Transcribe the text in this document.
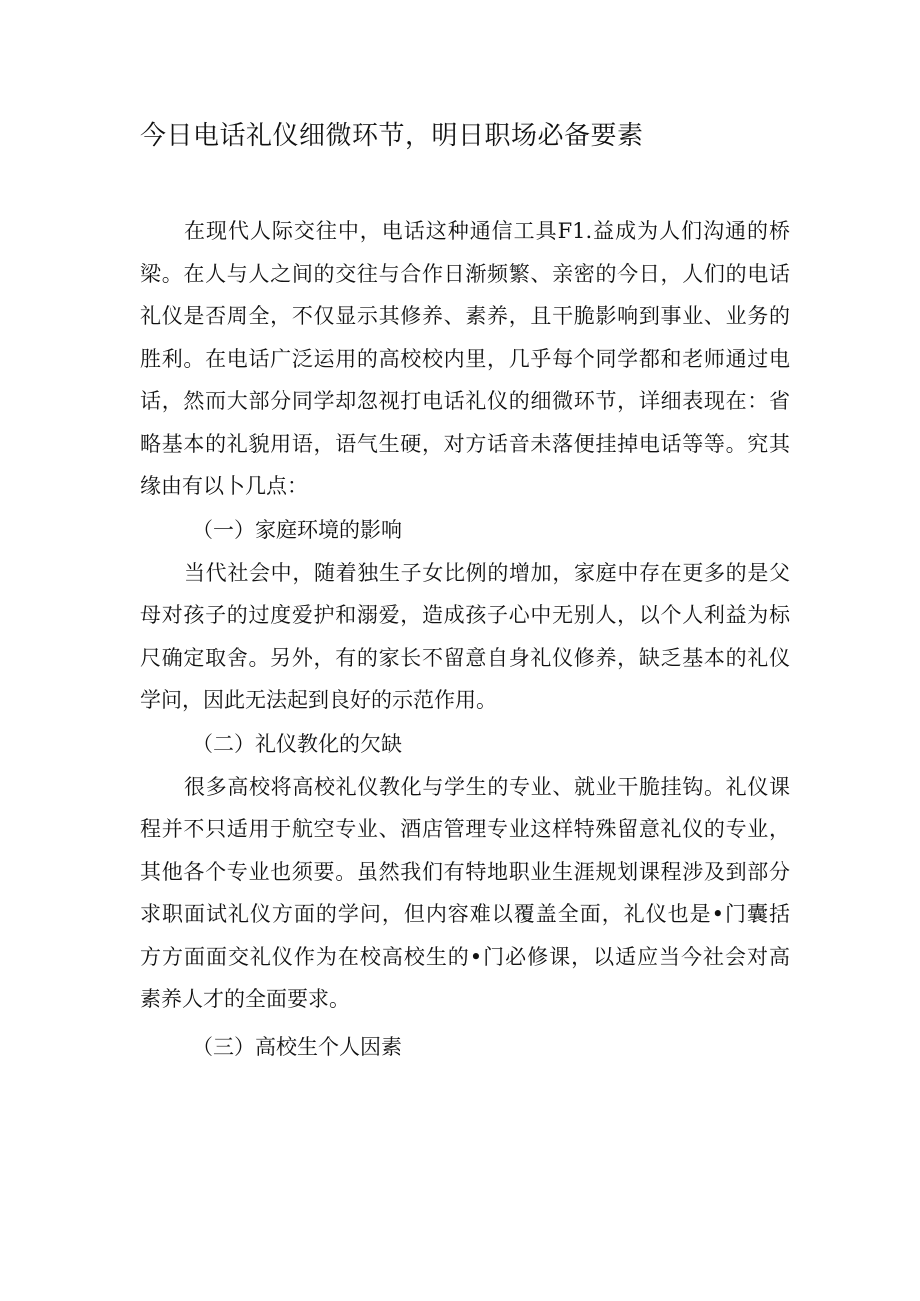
今日电话礼仪细微环节，明日职场必备要素

在现代人际交往中，电话这种通信工具F1.益成为人们沟通的桥
梁。在人与人之间的交往与合作日渐频繁、亲密的今日，人们的电话
礼仪是否周全，不仅显示其修养、素养，且干脆影响到事业、业务的
胜利。在电话广泛运用的高校校内里，几乎每个同学都和老师通过电
话，然而大部分同学却忽视打电话礼仪的细微环节，详细表现在：省
略基本的礼貌用语，语气生硬，对方话音未落便挂掉电话等等。究其
缘由有以卜几点：

（一）家庭环境的影响

当代社会中，随着独生子女比例的增加，家庭中存在更多的是父
母对孩子的过度爱护和溺爱，造成孩子心中无别人，以个人利益为标
尺确定取舍。另外，有的家长不留意自身礼仪修养，缺乏基本的礼仪
学问，因此无法起到良好的示范作用。

（二）礼仪教化的欠缺

很多高校将高校礼仪教化与学生的专业、就业干脆挂钩。礼仪课
程并不只适用于航空专业、酒店管理专业这样特殊留意礼仪的专业，
其他各个专业也须要。虽然我们有特地职业生涯规划课程涉及到部分
求职面试礼仪方面的学问，但内容难以覆盖全面，礼仪也是•门囊括
方方面面交礼仪作为在校高校生的•门必修课，以适应当今社会对高
素养人才的全面要求。

（三）高校生个人因素
